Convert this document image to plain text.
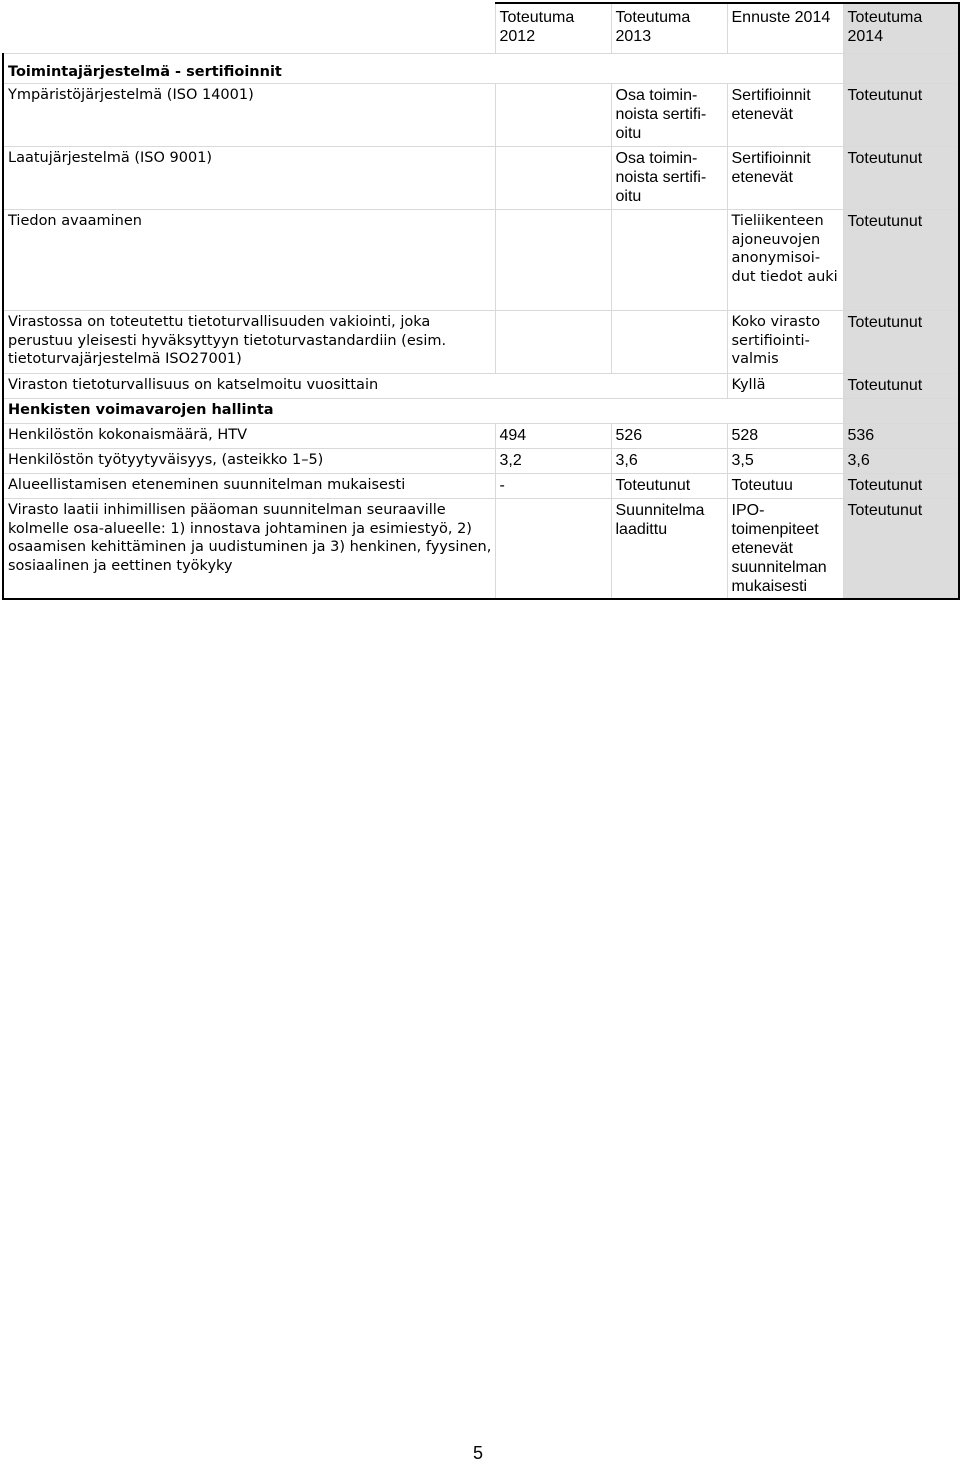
	Toteutuma 2012	Toteutuma 2013	Ennuste 2014	Toteutuma 2014
Toimintajärjestelmä - sertifioinnit				
Ympäristöjärjestelmä (ISO 14001)		Osa toimin-noista sertifi-oitu	Sertifioinnit etenevät	Toteutunut
Laatujärjestelmä (ISO 9001)		Osa toimin-noista sertifi-oitu	Sertifioinnit etenevät	Toteutunut
Tiedon avaaminen			Tieliikenteen ajoneuvojen anonymisoi-dut tiedot auki	Toteutunut
Virastossa on toteutettu tietoturvallisuuden vakiointi, joka perustuu yleisesti hyväksyttyyn tietoturvastandardiin (esim. tietoturvajärjestelmä ISO27001)			Koko virasto sertifiointi-valmis	Toteutunut
Viraston tietoturvallisuus on katselmoitu vuosittain			Kyllä	Toteutunut
Henkisten voimavarojen hallinta				
Henkilöstön kokonaismäärä, HTV	494	526	528	536
Henkilöstön työtyytyväisyys, (asteikko 1–5)	3,2	3,6	3,5	3,6
Alueellistamisen eteneminen suunnitelman mukaisesti	-	Toteutunut	Toteutuu	Toteutunut
Virasto laatii inhimillisen pääoman suunnitelman seuraaville kolmelle osa-alueelle: 1) innostava johtaminen ja esimiestyö, 2) osaamisen kehittäminen ja uudistuminen ja 3) henkinen, fyysinen, sosiaalinen ja eettinen työkyky		Suunnitelma laadittu	IPO-toimenpiteet etenevät suunnitelman mukaisesti	Toteutunut
5
